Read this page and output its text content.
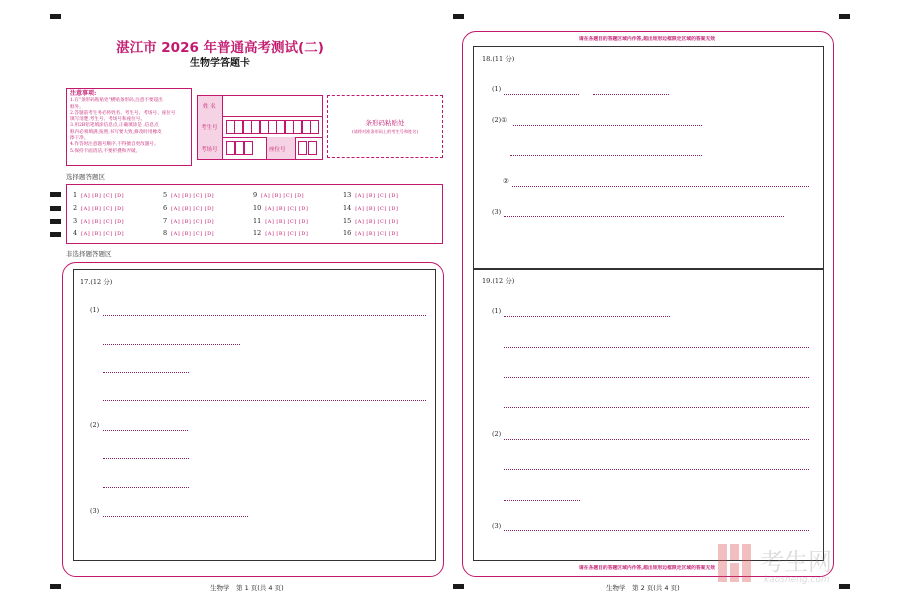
湛江市 2026 年普通高考测试(二)
生物学答题卡
注意事项:
1.在"条形码粘贴处"横贴条形码,注意不要超出
框外。
2.答题前考生务必将姓名、考生号、考场号、座位号
填写清楚,考生号、考场号和座位号。
3.用2B铅笔填涂信息点,正确填涂是 ,信息点
框内必须填满,按照,书写要大致,修改时用橡皮
擦干净。
4.作答时注意题号顺序,不得擅自更改题号。
5.保持卡面清洁,不要折叠和弄破。
姓 名
考生号
考场号	座位号
条形码粘贴处
(请将对准条形码上的考生号和姓名)
选择题答题区
1 [A] [B] [C] [D]
2 [A] [B] [C] [D]
3 [A] [B] [C] [D]
4 [A] [B] [C] [D]
5 [A] [B] [C] [D]
6 [A] [B] [C] [D]
7 [A] [B] [C] [D]
8 [A] [B] [C] [D]
9 [A] [B] [C] [D]
10 [A] [B] [C] [D]
11 [A] [B] [C] [D]
12 [A] [B] [C] [D]
13 [A] [B] [C] [D]
14 [A] [B] [C] [D]
15 [A] [B] [C] [D]
16 [A] [B] [C] [D]
非选择题答题区
17.(12 分)
(1)
(2)
(3)
生物学　第 1 页(共 4 页)
请在各题目的答题区域内作答,超出矩形边框限定区域的答案无效
请在各题目的答题区域内作答,超出矩形边框限定区域的答案无效
18.(11 分)
(1)
(2)①
②
(3)
19.(12 分)
(1)
(2)
(3)
生物学　第 2 页(共 4 页)
考生网
kaosheng.com
